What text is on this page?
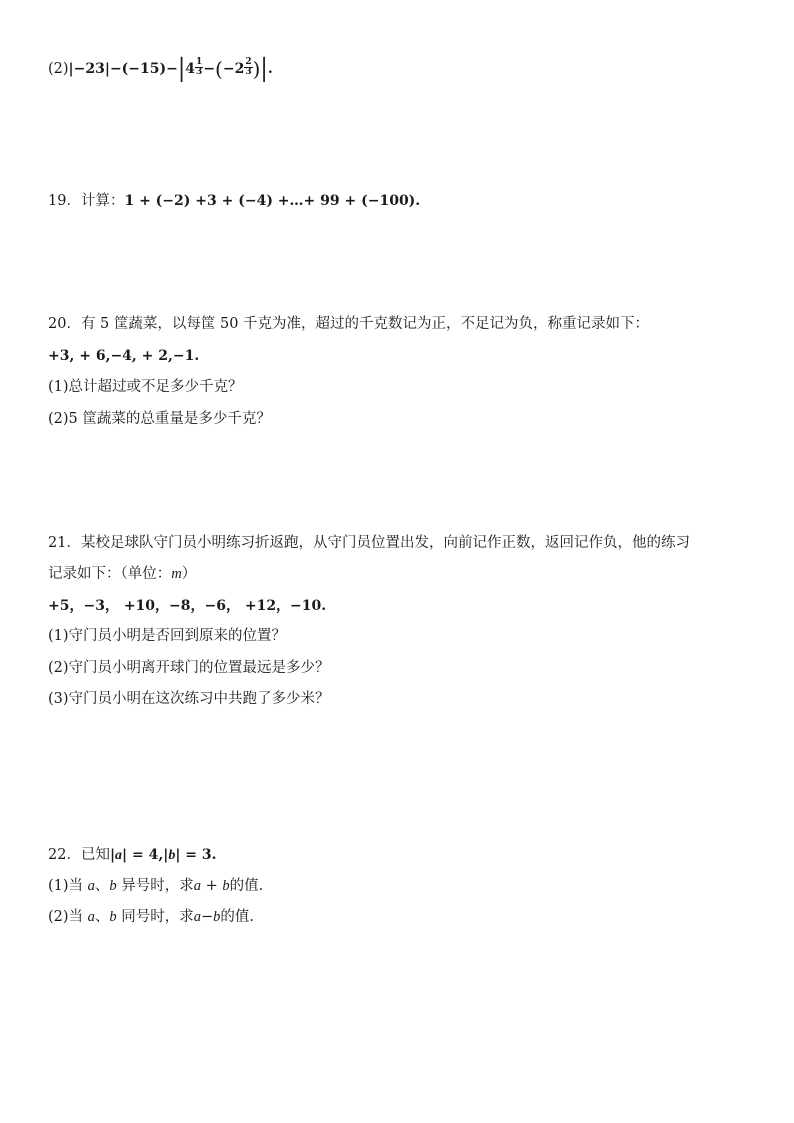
$(2)|-23|-(-15)-|4 \frac{1}{3} -(-2 \frac{2}{3}$ )|.
19．计算：1 + (−2) +3 + (−4) +…+ 99 + (−100).
20．有 5 筐蔬菜，以每筐 50 千克为准，超过的千克数记为正，不足记为负，称重记录如下：
+3, + 6,−4, + 2,−1.
(1)总计超过或不足多少千克？
(2)5 筐蔬菜的总重量是多少千克？
21．某校足球队守门员小明练习折返跑，从守门员位置出发，向前记作正数，返回记作负，他的练习
记录如下：（单位：m）
+5，−3， +10，−8，−6， +12，−10.
(1)守门员小明是否回到原来的位置？
(2)守门员小明离开球门的位置最远是多少？
(3)守门员小明在这次练习中共跑了多少米？
22．已知|a| = 4,|b| = 3.
(1)当 a、b 异号时，求a + b的值.
(2)当 a、b 同号时，求a−b的值.
